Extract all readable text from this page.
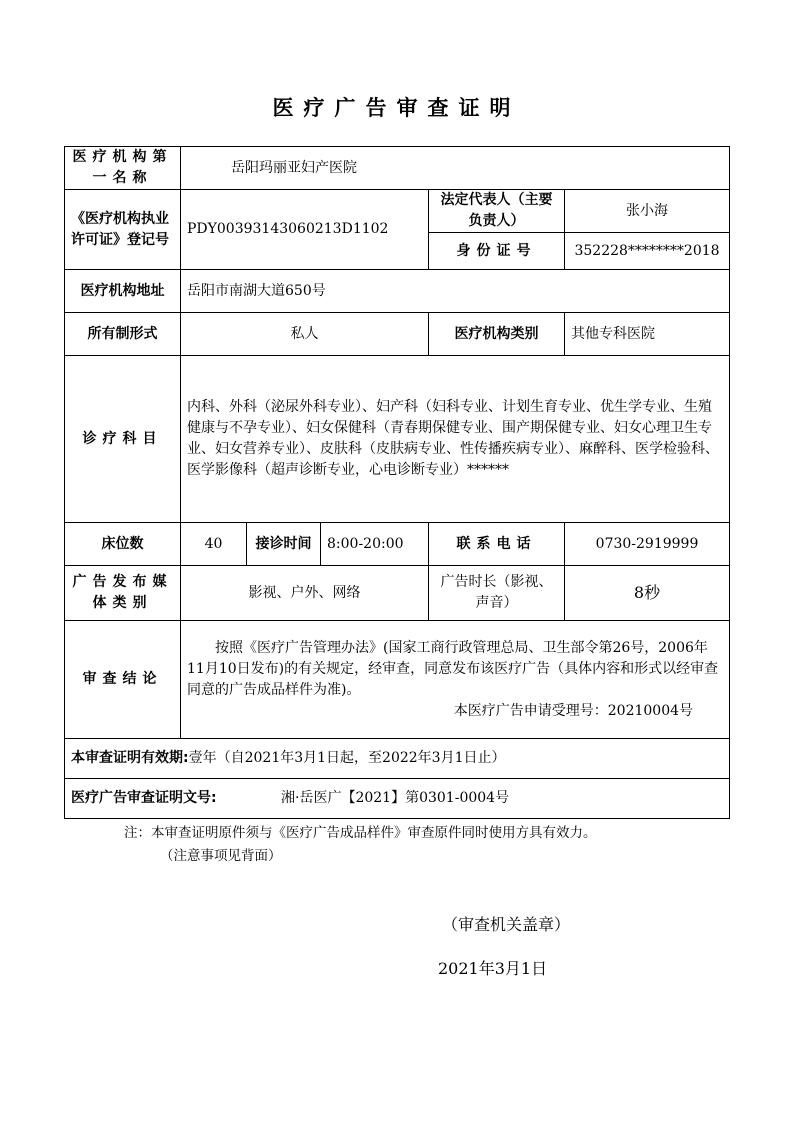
医疗广告审查证明
医疗机构第一名称	岳阳玛丽亚妇产医院				
《医疗机构执业许可证》登记号	PDY00393143060213D1102			法定代表人（主要负责人）	张小海
				身份证号	352228********2018
医疗机构地址	岳阳市南湖大道650号				
所有制形式	私人			医疗机构类别	其他专科医院
诊疗科目	内科、外科（泌尿外科专业）、妇产科（妇科专业、计划生育专业、优生学专业、生殖健康与不孕专业）、妇女保健科（青春期保健专业、围产期保健专业、妇女心理卫生专业、妇女营养专业）、皮肤科（皮肤病专业、性传播疾病专业）、麻醉科、医学检验科、医学影像科（超声诊断专业，心电诊断专业）******				
床位数	40	接诊时间	8:00-20:00	联系电话	0730-2919999
广告发布媒体类别	影视、户外、网络			广告时长（影视、声音）	8秒
审查结论	按照《医疗广告管理办法》(国家工商行政管理总局、卫生部令第26号，2006年11月10日发布)的有关规定，经审查，同意发布该医疗广告（具体内容和形式以经审查同意的广告成品样件为准)。
本医疗广告申请受理号：20210004号				

本审查证明有效期:壹年（自2021年3月1日起，至2022年3月1日止）					
医疗广告审查证明文号: 湘·岳医广【2021】第0301-0004号					
注：本审查证明原件须与《医疗广告成品样件》审查原件同时使用方具有效力。
（注意事项见背面）
（审查机关盖章）
2021年3月1日
